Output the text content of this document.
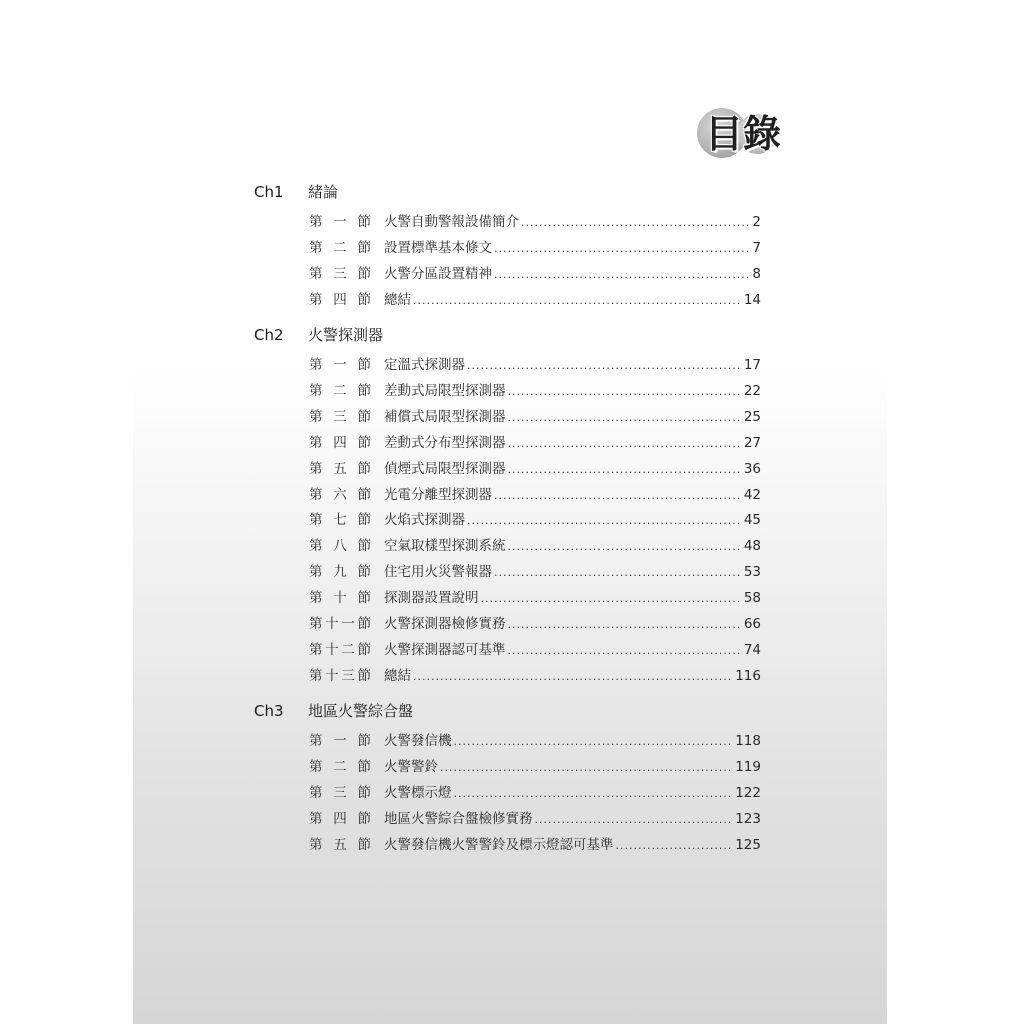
目錄
Ch1	緒論
第 一 節 火警自動警報設備簡介 .....	2
第 二 節 設置標準基本條文 .....	7
第 三 節 火警分區設置精神 .....	8
第 四 節 總結 .....	14
Ch2	火警探測器
第 一 節 定溫式探測器 .....	17
第 二 節 差動式局限型探測器 .....	22
第 三 節 補償式局限型探測器 .....	25
第 四 節 差動式分布型探測器 .....	27
第 五 節 偵煙式局限型探測器 .....	36
第 六 節 光電分離型探測器 .....	42
第 七 節 火焰式探測器 .....	45
第 八 節 空氣取樣型探測系統 .....	48
第 九 節 住宅用火災警報器 .....	53
第 十 節 探測器設置說明 .....	58
第 十 一 節 火警探測器檢修實務 .....	66
第 十 二 節 火警探測器認可基準 .....	74
第 十 三 節 總結 .....	116
Ch3	地區火警綜合盤
第 一 節 火警發信機 .....	118
第 二 節 火警警鈴 .....	119
第 三 節 火警標示燈 .....	122
第 四 節 地區火警綜合盤檢修實務 .....	123
第 五 節 火警發信機火警警鈴及標示燈認可基準 .....	125
